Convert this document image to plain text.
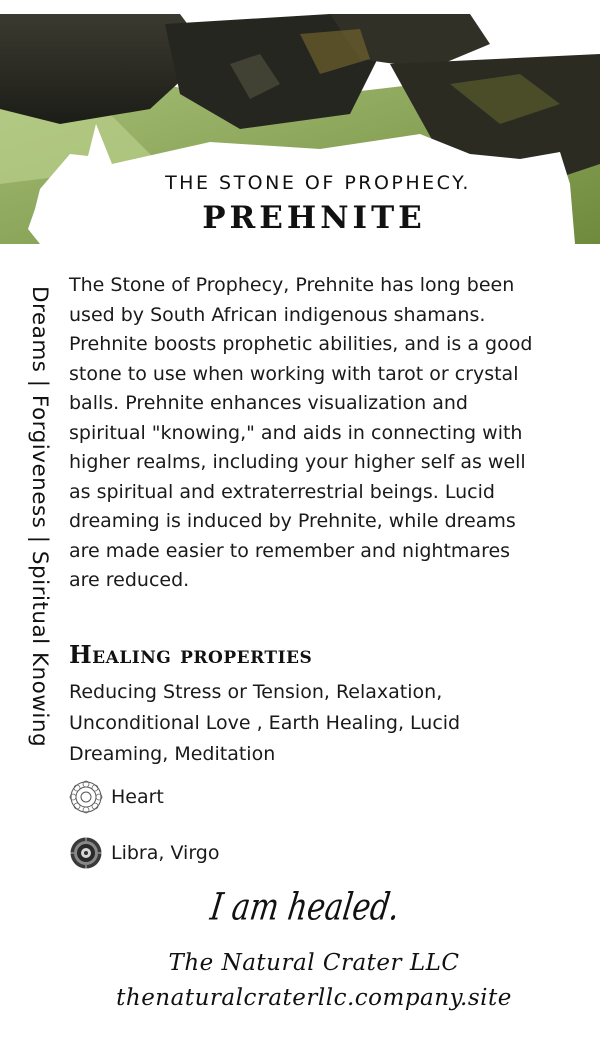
THE STONE OF PROPHECY.
PREHNITE
Dreams | Forgiveness | Spiritual Knowing

The Stone of Prophecy, Prehnite has long been used by South African indigenous shamans. Prehnite boosts prophetic abilities, and is a good stone to use when working with tarot or crystal balls. Prehnite enhances visualization and spiritual "knowing," and aids in connecting with higher realms, including your higher self as well as spiritual and extraterrestrial beings. Lucid dreaming is induced by Prehnite, while dreams are made easier to remember and nightmares are reduced.

Healing properties

Reducing Stress or Tension, Relaxation, Unconditional Love , Earth Healing, Lucid Dreaming, Meditation

Heart
Libra, Virgo
I am healed.
The Natural Crater LLC
thenaturalcraterllc.company.site
